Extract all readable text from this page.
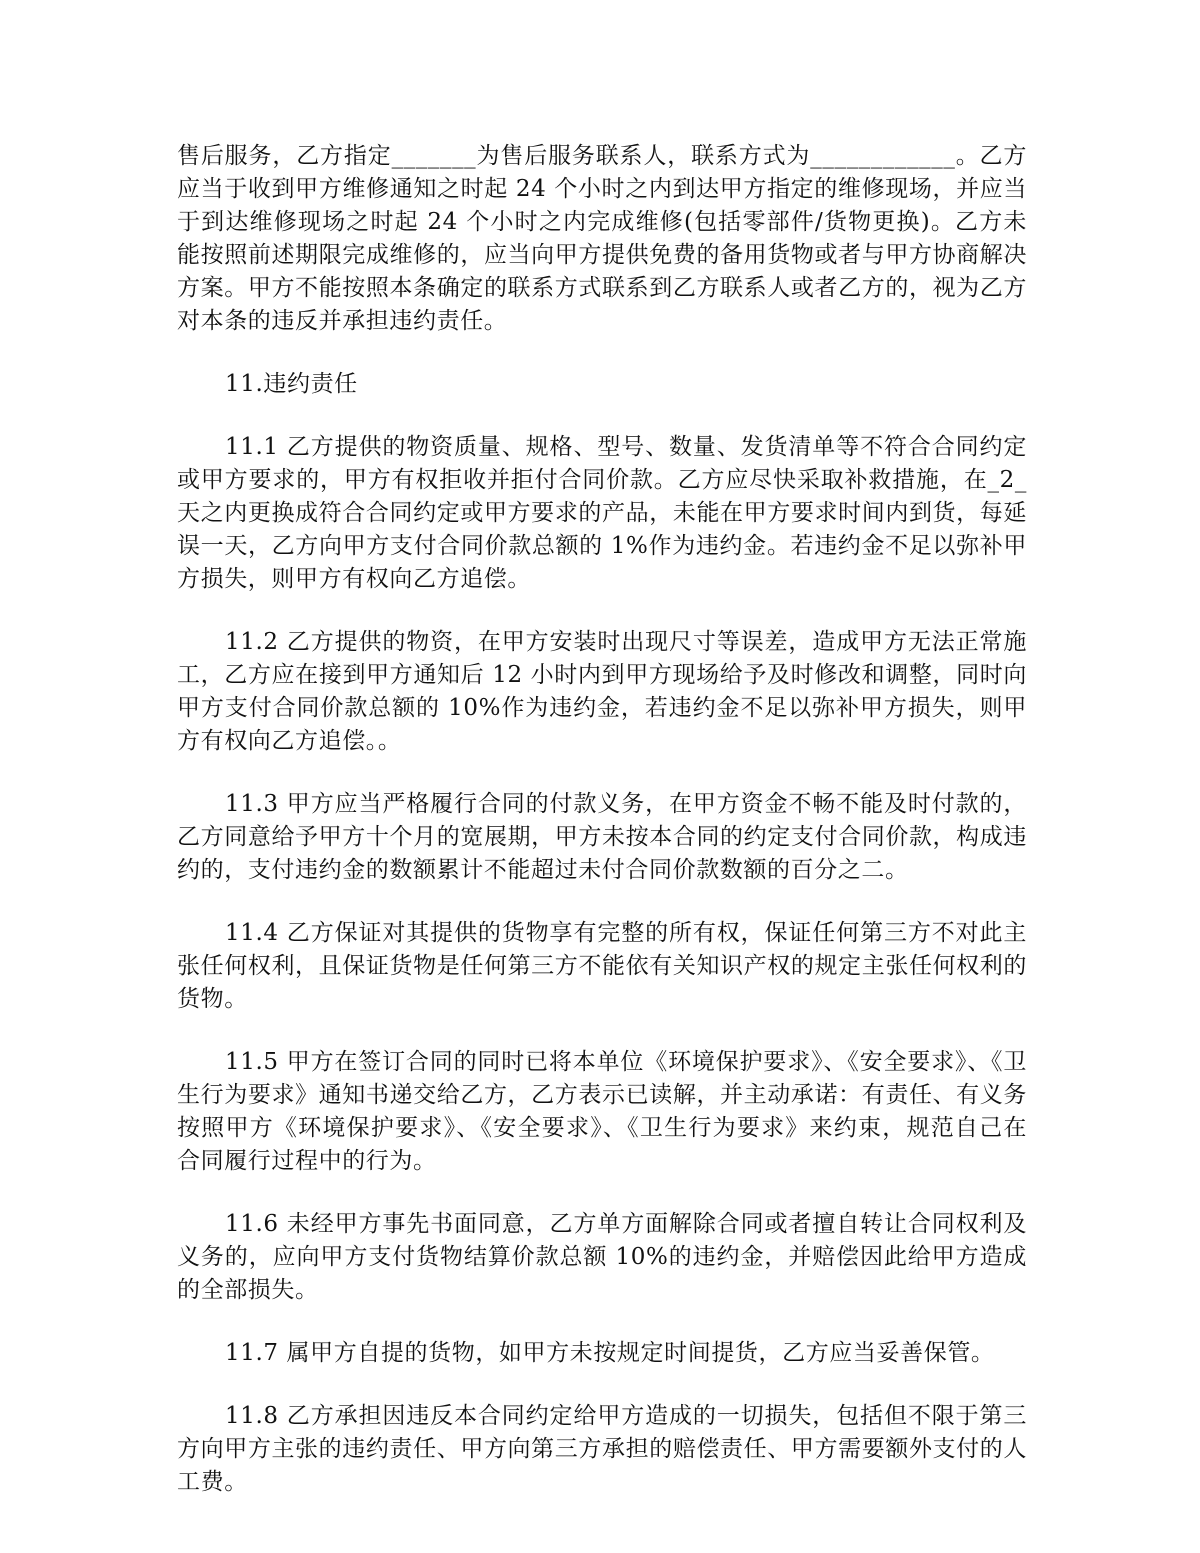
售后服务，乙方指定_______为售后服务联系人，联系方式为____________。乙方应当于收到甲方维修通知之时起 24 个小时之内到达甲方指定的维修现场，并应当于到达维修现场之时起 24 个小时之内完成维修(包括零部件/货物更换)。乙方未能按照前述期限完成维修的，应当向甲方提供免费的备用货物或者与甲方协商解决方案。甲方不能按照本条确定的联系方式联系到乙方联系人或者乙方的，视为乙方对本条的违反并承担违约责任。

11.违约责任

11.1 乙方提供的物资质量、规格、型号、数量、发货清单等不符合合同约定或甲方要求的，甲方有权拒收并拒付合同价款。乙方应尽快采取补救措施，在_2_天之内更换成符合合同约定或甲方要求的产品，未能在甲方要求时间内到货，每延误一天，乙方向甲方支付合同价款总额的 1%作为违约金。若违约金不足以弥补甲方损失，则甲方有权向乙方追偿。

11.2 乙方提供的物资，在甲方安装时出现尺寸等误差，造成甲方无法正常施工，乙方应在接到甲方通知后 12 小时内到甲方现场给予及时修改和调整，同时向甲方支付合同价款总额的 10%作为违约金，若违约金不足以弥补甲方损失，则甲方有权向乙方追偿。。

11.3 甲方应当严格履行合同的付款义务，在甲方资金不畅不能及时付款的，乙方同意给予甲方十个月的宽展期，甲方未按本合同的约定支付合同价款，构成违约的，支付违约金的数额累计不能超过未付合同价款数额的百分之二。

11.4 乙方保证对其提供的货物享有完整的所有权，保证任何第三方不对此主张任何权利，且保证货物是任何第三方不能依有关知识产权的规定主张任何权利的货物。

11.5 甲方在签订合同的同时已将本单位《环境保护要求》、《安全要求》、《卫生行为要求》通知书递交给乙方，乙方表示已读解，并主动承诺：有责任、有义务按照甲方《环境保护要求》、《安全要求》、《卫生行为要求》来约束，规范自己在合同履行过程中的行为。

11.6 未经甲方事先书面同意，乙方单方面解除合同或者擅自转让合同权利及义务的，应向甲方支付货物结算价款总额 10%的违约金，并赔偿因此给甲方造成的全部损失。

11.7 属甲方自提的货物，如甲方未按规定时间提货，乙方应当妥善保管。

11.8 乙方承担因违反本合同约定给甲方造成的一切损失，包括但不限于第三方向甲方主张的违约责任、甲方向第三方承担的赔偿责任、甲方需要额外支付的人工费。
